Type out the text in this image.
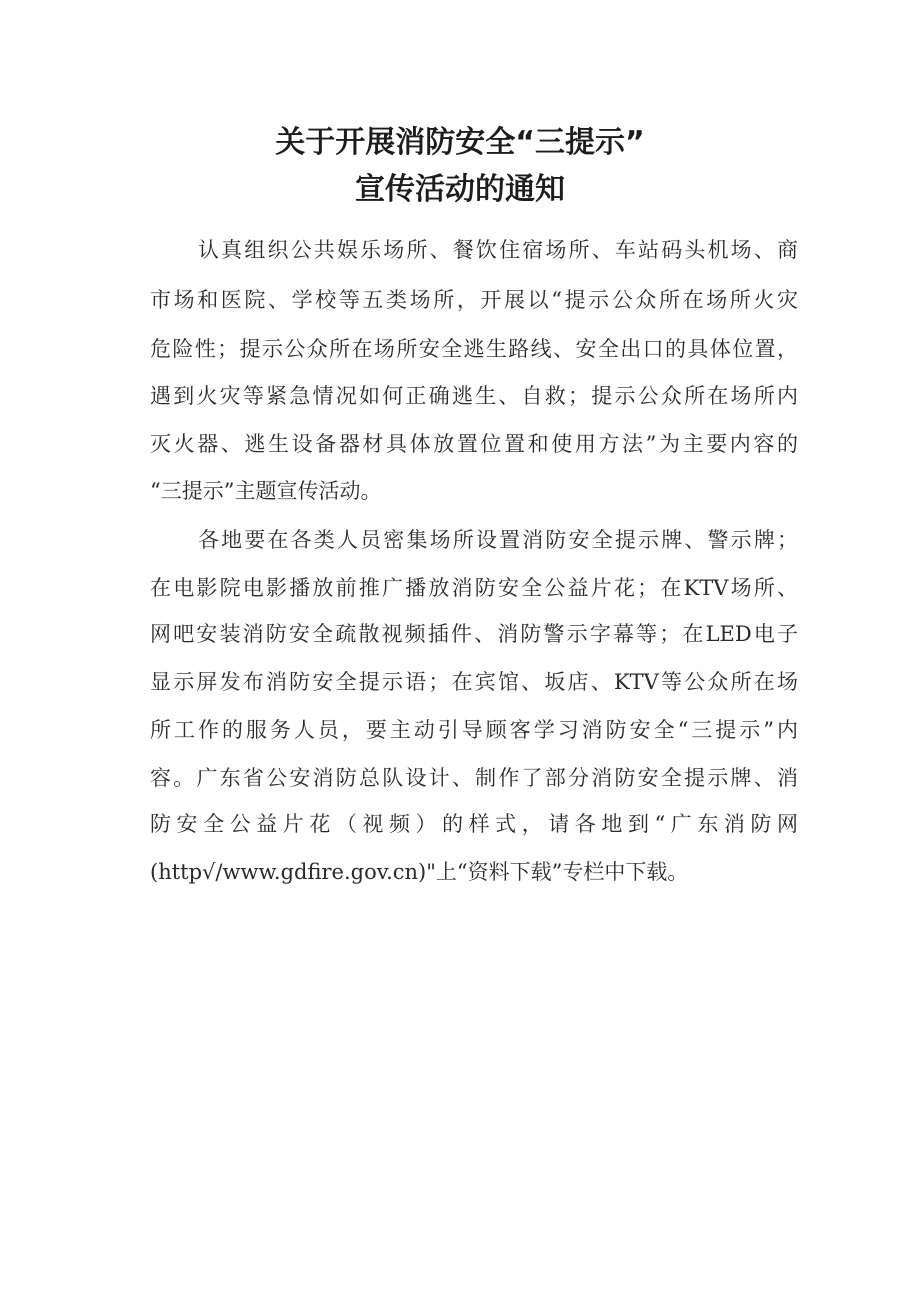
关于开展消防安全“三提示”
宣传活动的通知
认真组织公共娱乐场所、餐饮住宿场所、车站码头机场、商
市场和医院、学校等五类场所，开展以“提示公众所在场所火灾
危险性；提示公众所在场所安全逃生路线、安全出口的具体位置，
遇到火灾等紧急情况如何正确逃生、自救；提示公众所在场所内
灭火器、逃生设备器材具体放置位置和使用方法”为主要内容的
“三提示”主题宣传活动。
各地要在各类人员密集场所设置消防安全提示牌、警示牌；
在电影院电影播放前推广播放消防安全公益片花；在KTV场所、
网吧安装消防安全疏散视频插件、消防警示字幕等；在LED电子
显示屏发布消防安全提示语；在宾馆、坂店、KTV等公众所在场
所工作的服务人员，要主动引导顾客学习消防安全“三提示”内
容。广东省公安消防总队设计、制作了部分消防安全提示牌、消
防安全公益片花（视频）的样式，请各地到“广东消防网
(http√/www.gdfire.gov.cn)"上“资料下载”专栏中下载。
